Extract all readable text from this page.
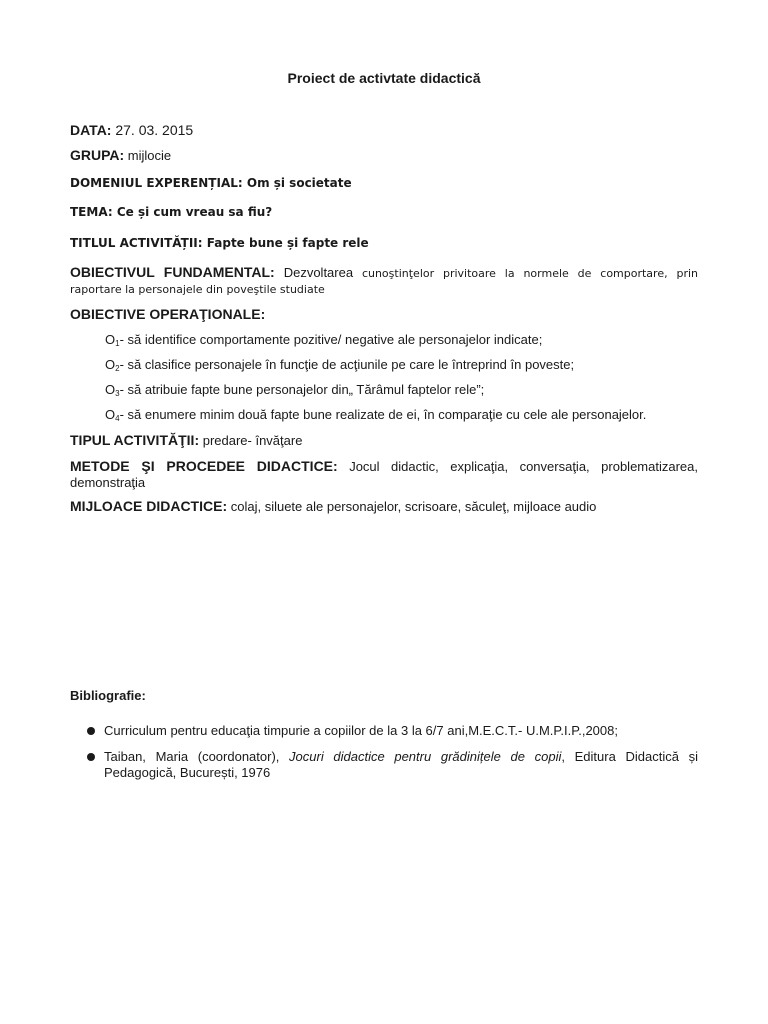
Proiect de activtate didactică
DATA: 27. 03. 2015
GRUPA: mijlocie
DOMENIUL EXPERENȚIAL: Om și societate
TEMA: Ce și cum vreau sa fiu?
TITLUL ACTIVITĂȚII: Fapte bune și fapte rele
OBIECTIVUL FUNDAMENTAL: Dezvoltarea cunoştinţelor privitoare la normele de comportare, prin
raportare la personajele din poveştile studiate
OBIECTIVE OPERAŢIONALE:
$O_1-$ să identifice comportamente pozitive/ negative ale personajelor indicate;
$O_2-$ să clasifice personajele în funcţie de acţiunile pe care le întreprind în poveste;
$O_3-$ să atribuie fapte bune personajelor din„ Tărâmul faptelor rele”;
$O_4-$ să enumere minim două fapte bune realizate de ei, în comparaţie cu cele ale personajelor.
TIPUL ACTIVITĂŢII: predare- învăţare
METODE ŞI PROCEDEE DIDACTICE: Jocul didactic, explicaţia, conversaţia, problematizarea,
demonstraţia
MIJLOACE DIDACTICE: colaj, siluete ale personajelor, scrisoare, săculeţ, mijloace audio
Bibliografie:
Curriculum pentru educaţia timpurie a copiilor de la 3 la 6/7 ani,M.E.C.T.- U.M.P.I.P.,2008;
Taiban, Maria (coordonator), Jocuri didactice pentru grădinițele de copii, Editura Didactică și
Pedagogică, București, 1976
